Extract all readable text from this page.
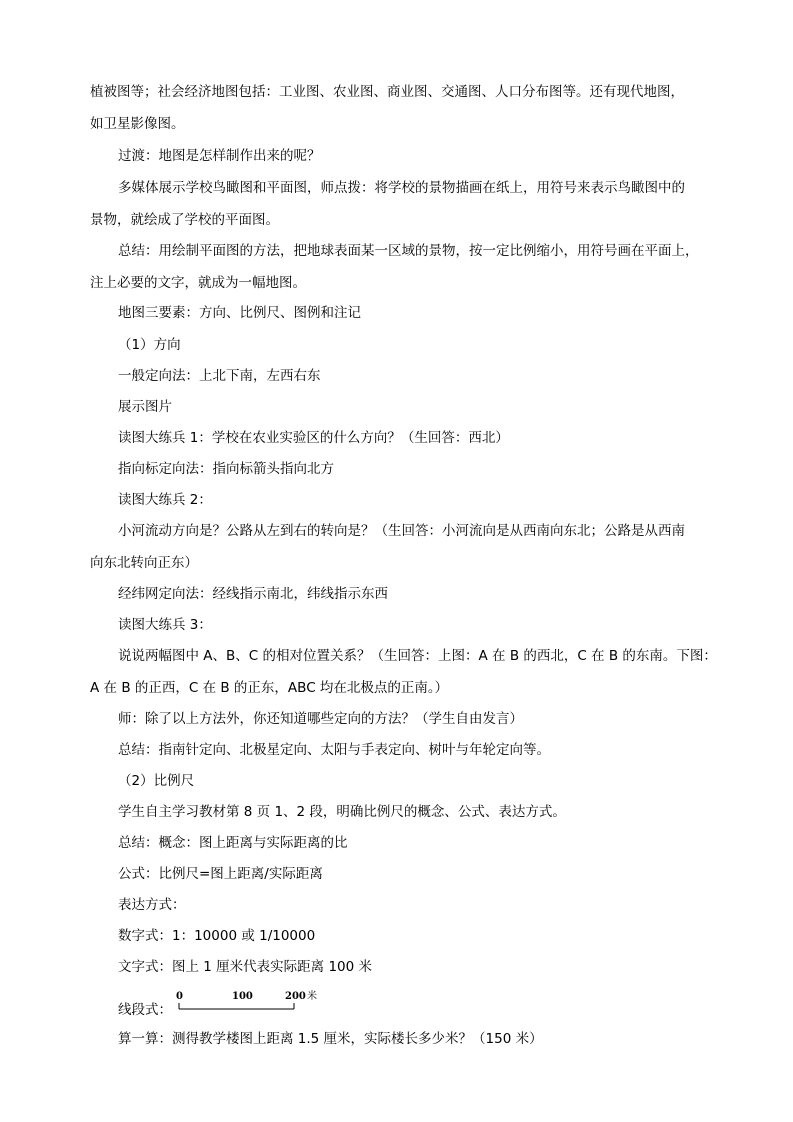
植被图等；社会经济地图包括：工业图、农业图、商业图、交通图、人口分布图等。还有现代地图，
如卫星影像图。
过渡：地图是怎样制作出来的呢？
多媒体展示学校鸟瞰图和平面图，师点拨：将学校的景物描画在纸上，用符号来表示鸟瞰图中的
景物，就绘成了学校的平面图。
总结：用绘制平面图的方法，把地球表面某一区域的景物，按一定比例缩小，用符号画在平面上，
注上必要的文字，就成为一幅地图。
地图三要素：方向、比例尺、图例和注记
（1）方向
一般定向法：上北下南，左西右东
展示图片
读图大练兵 1：学校在农业实验区的什么方向？（生回答：西北）
指向标定向法：指向标箭头指向北方
读图大练兵 2：
小河流动方向是？公路从左到右的转向是？（生回答：小河流向是从西南向东北；公路是从西南
向东北转向正东）
经纬网定向法：经线指示南北，纬线指示东西
读图大练兵 3：
说说两幅图中 A、B、C 的相对位置关系？（生回答：上图：A 在 B 的西北，C 在 B 的东南。下图：
A 在 B 的正西，C 在 B 的正东，ABC 均在北极点的正南。）
师：除了以上方法外，你还知道哪些定向的方法？（学生自由发言）
总结：指南针定向、北极星定向、太阳与手表定向、树叶与年轮定向等。
（2）比例尺
学生自主学习教材第 8 页 1、2 段，明确比例尺的概念、公式、表达方式。
总结：概念：图上距离与实际距离的比
公式：比例尺=图上距离/实际距离
表达方式：
数字式：1：10000 或 1/10000
文字式：图上 1 厘米代表实际距离 100 米
线段式：
0	100	200 米
算一算：测得教学楼图上距离 1.5 厘米，实际楼长多少米？（150 米）
